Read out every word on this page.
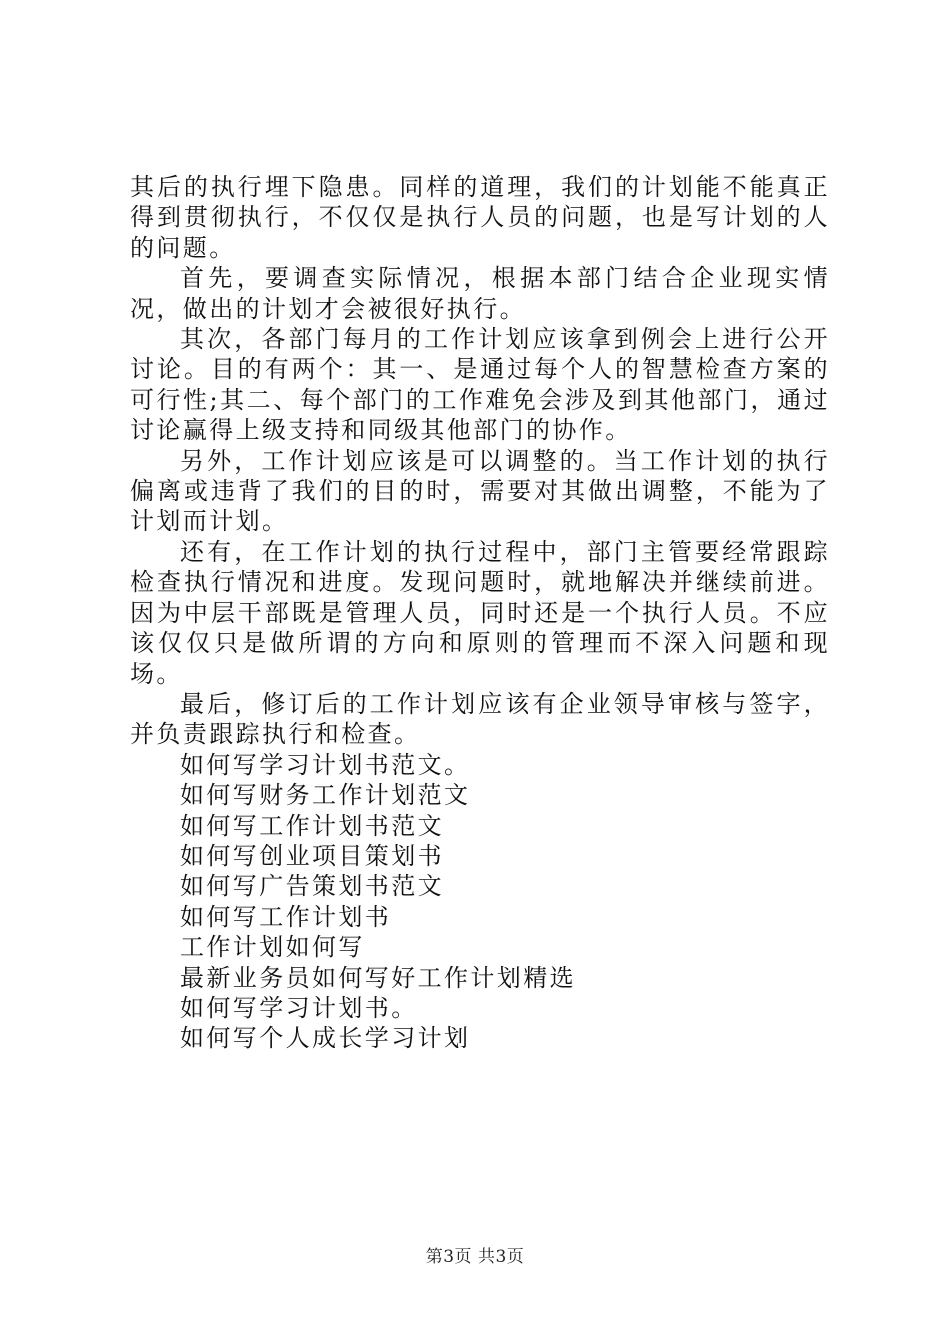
其后的执行埋下隐患。同样的道理，我们的计划能不能真正得到贯彻执行，不仅仅是执行人员的问题，也是写计划的人的问题。

首先，要调查实际情况，根据本部门结合企业现实情况，做出的计划才会被很好执行。

其次，各部门每月的工作计划应该拿到例会上进行公开讨论。目的有两个：其一、是通过每个人的智慧检查方案的可行性;其二、每个部门的工作难免会涉及到其他部门，通过讨论赢得上级支持和同级其他部门的协作。

另外，工作计划应该是可以调整的。当工作计划的执行偏离或违背了我们的目的时，需要对其做出调整，不能为了计划而计划。

还有，在工作计划的执行过程中，部门主管要经常跟踪检查执行情况和进度。发现问题时，就地解决并继续前进。因为中层干部既是管理人员，同时还是一个执行人员。不应该仅仅只是做所谓的方向和原则的管理而不深入问题和现场。

最后，修订后的工作计划应该有企业领导审核与签字，并负责跟踪执行和检查。

如何写学习计划书范文。
如何写财务工作计划范文
如何写工作计划书范文
如何写创业项目策划书
如何写广告策划书范文
如何写工作计划书
工作计划如何写
最新业务员如何写好工作计划精选
如何写学习计划书。
如何写个人成长学习计划
第3页 共3页
